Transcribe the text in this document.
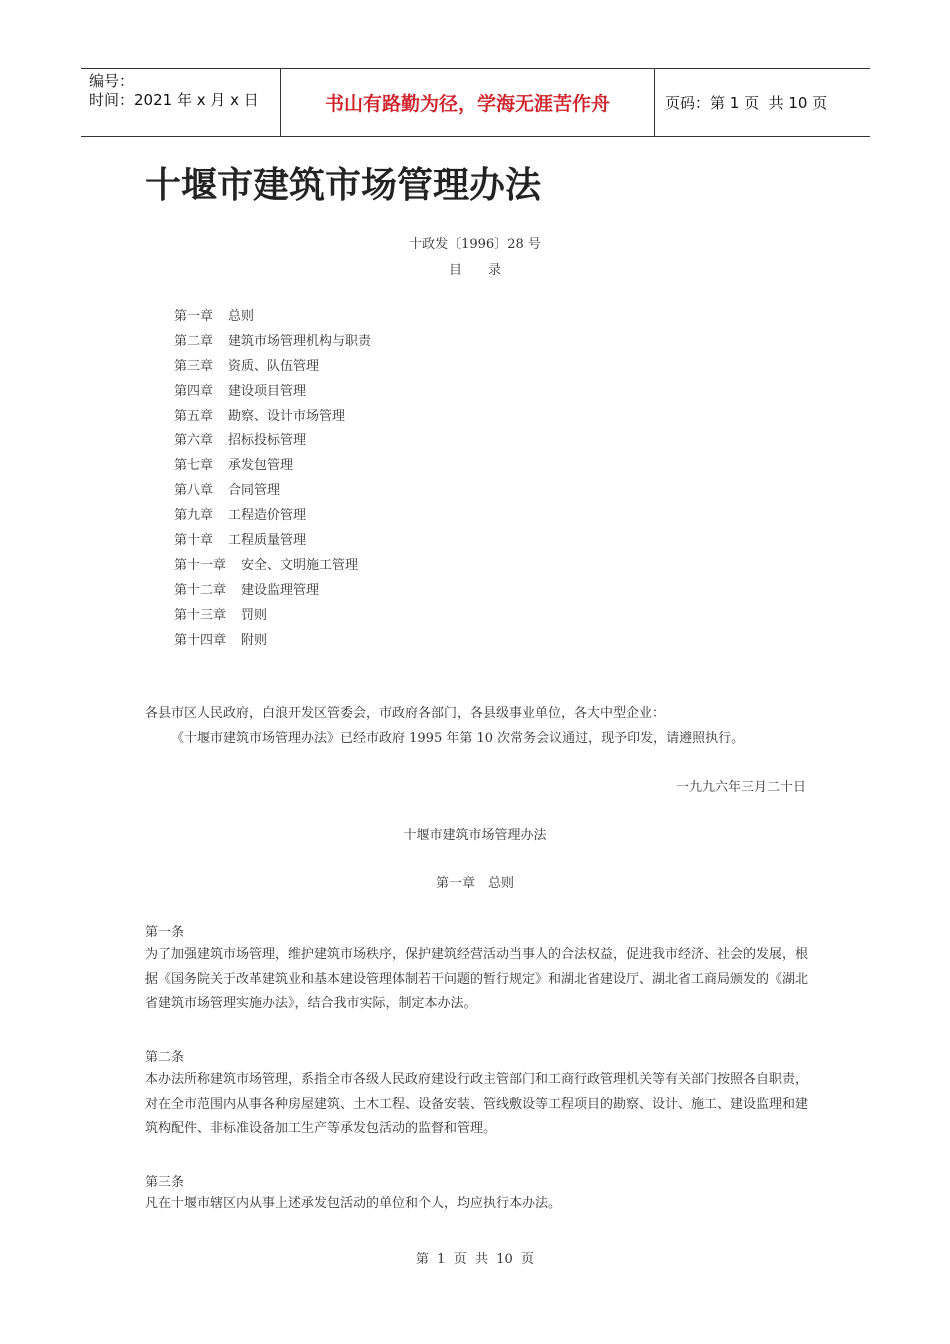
编号：
时间：2021 年 x 月 x 日	书山有路勤为径，学海无涯苦作舟	页码：第 1 页  共 10 页
十堰市建筑市场管理办法
十政发〔1996〕28 号
目　　录
第一章 总则
第二章 建筑市场管理机构与职责
第三章 资质、队伍管理
第四章 建设项目管理
第五章 勘察、设计市场管理
第六章 招标投标管理
第七章 承发包管理
第八章 合同管理
第九章 工程造价管理
第十章 工程质量管理
第十一章 安全、文明施工管理
第十二章 建设监理管理
第十三章 罚则
第十四章 附则

各县市区人民政府，白浪开发区管委会，市政府各部门，各县级事业单位，各大中型企业：

《十堰市建筑市场管理办法》已经市政府 1995 年第 10 次常务会议通过，现予印发，请遵照执行。

一九九六年三月二十日
十堰市建筑市场管理办法
第一章　总则
第一条

为了加强建筑市场管理，维护建筑市场秩序，保护建筑经营活动当事人的合法权益，促进我市经济、社会的发展，根据《国务院关于改革建筑业和基本建设管理体制若干问题的暂行规定》和湖北省建设厅、湖北省工商局颁发的《湖北省建筑市场管理实施办法》，结合我市实际，制定本办法。

第二条

本办法所称建筑市场管理，系指全市各级人民政府建设行政主管部门和工商行政管理机关等有关部门按照各自职责，对在全市范围内从事各种房屋建筑、土木工程、设备安装、管线敷设等工程项目的勘察、设计、施工、建设监理和建筑构配件、非标准设备加工生产等承发包活动的监督和管理。

第三条

凡在十堰市辖区内从事上述承发包活动的单位和个人，均应执行本办法。

第  1  页  共  10  页
